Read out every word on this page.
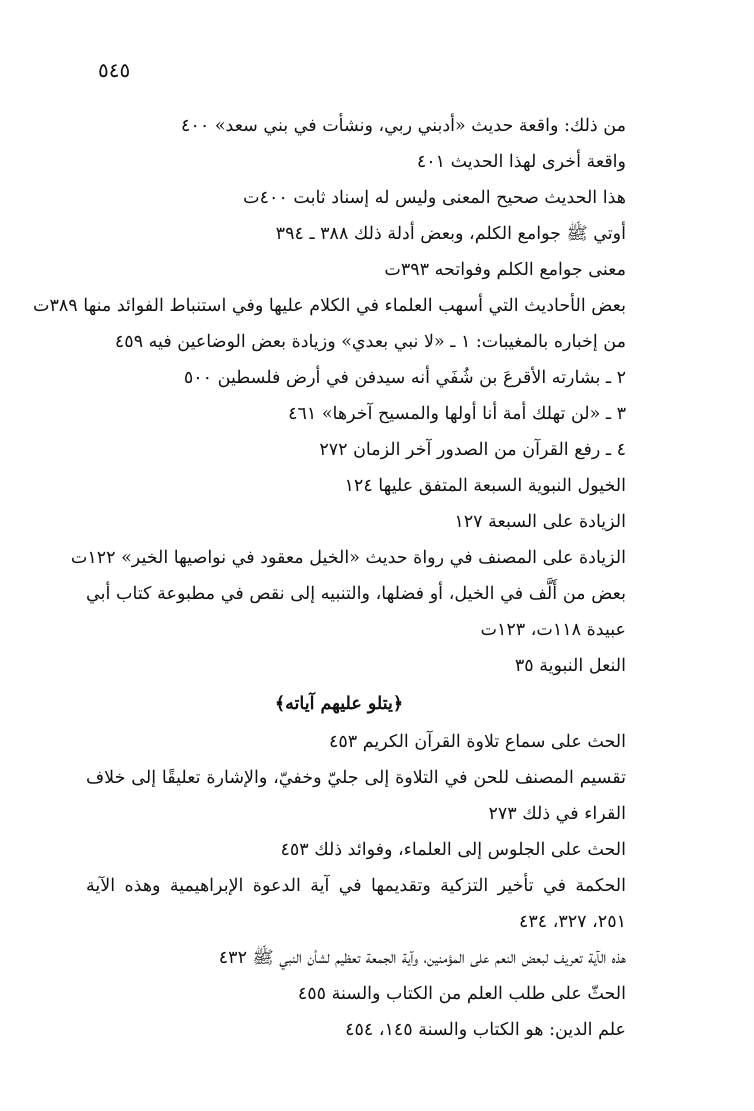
٥٤٥

من ذلك: واقعة حديث «أدبني ربي، ونشأت في بني سعد» ٤٠٠

واقعة أخرى لهذا الحديث ٤٠١

هذا الحديث صحيح المعنى وليس له إسناد ثابت ٤٠٠ت

أوتي ﷺ جوامع الكلم، وبعض أدلة ذلك ٣٨٨ ـ ٣٩٤

معنى جوامع الكلم وفواتحه ٣٩٣ت

بعض الأحاديث التي أسهب العلماء في الكلام عليها وفي استنباط الفوائد منها ٣٨٩ت

من إخباره بالمغيبات: ١ ـ «لا نبي بعدي» وزيادة بعض الوضاعين فيه ٤٥٩

٢ ـ بشارته الأقرعَ بن شُفَي أنه سيدفن في أرض فلسطين ٥٠٠

٣ ـ «لن تهلك أمة أنا أولها والمسيح آخرها» ٤٦١

٤ ـ رفع القرآن من الصدور آخر الزمان ٢٧٢

الخيول النبوية السبعة المتفق عليها ١٢٤

الزيادة على السبعة ١٢٧

الزيادة على المصنف في رواة حديث «الخيل معقود في نواصيها الخير» ١٢٢ت

بعض من أَلَّف في الخيل، أو فضلها، والتنبيه إلى نقص في مطبوعة كتاب أبي عبيدة ١١٨ت، ١٢٣ت

النعل النبوية ٣٥

﴿يتلو عليهم آياته﴾

الحث على سماع تلاوة القرآن الكريم ٤٥٣

تقسيم المصنف للحن في التلاوة إلى جليّ وخفيّ، والإشارة تعليقًا إلى خلاف القراء في ذلك ٢٧٣

الحث على الجلوس إلى العلماء، وفوائد ذلك ٤٥٣

الحكمة في تأخير التزكية وتقديمها في آية الدعوة الإبراهيمية وهذه الآية ٢٥١، ٣٢٧، ٤٣٤

هذه الآية تعريف لبعض النعم على المؤمنين، وآية الجمعة تعظيم لشأن النبي ﷺ ٤٣٢

الحثّ على طلب العلم من الكتاب والسنة ٤٥٥

علم الدين: هو الكتاب والسنة ١٤٥، ٤٥٤
